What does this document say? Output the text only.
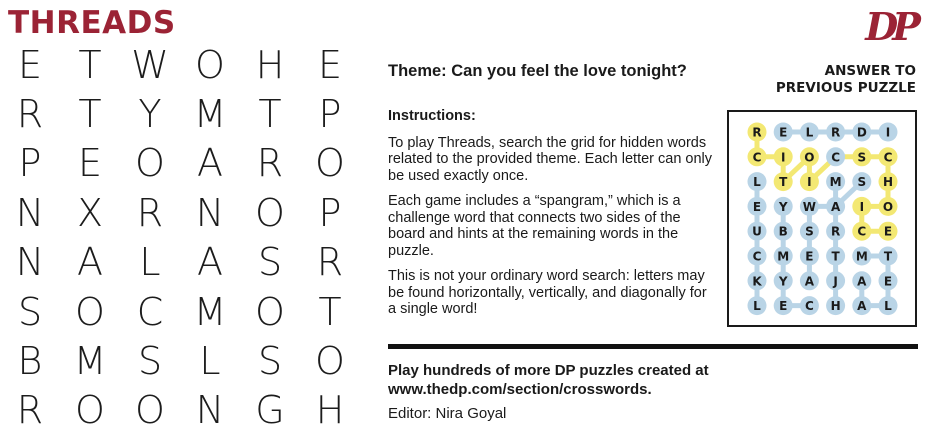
THREADS	DP
E T W O H E
R T Y M T P
P E O A R O
N X R N O P
N A L A S R
S O C M O T
B M S L S O
R O O N G H

Theme: Can you feel the love tonight?	ANSWER TO
PREVIOUS PUZZLE

Instructions:

To play Threads, search the grid for hidden words related to the provided theme. Each letter can only be used exactly once.

Each game includes a “spangram,” which is a challenge word that connects two sides of the board and hints at the remaining words in the puzzle.

This is not your ordinary word search: letters may be found horizontally, vertically, and diagonally for a single word!

R E L R D I
C I O C S C
L T I M S H
E Y W A I O
U B S R C E
C M E T M T
K Y A J A E
L E C H A L

Play hundreds of more DP puzzles created at www.thedp.com/section/crosswords.

Editor: Nira Goyal
